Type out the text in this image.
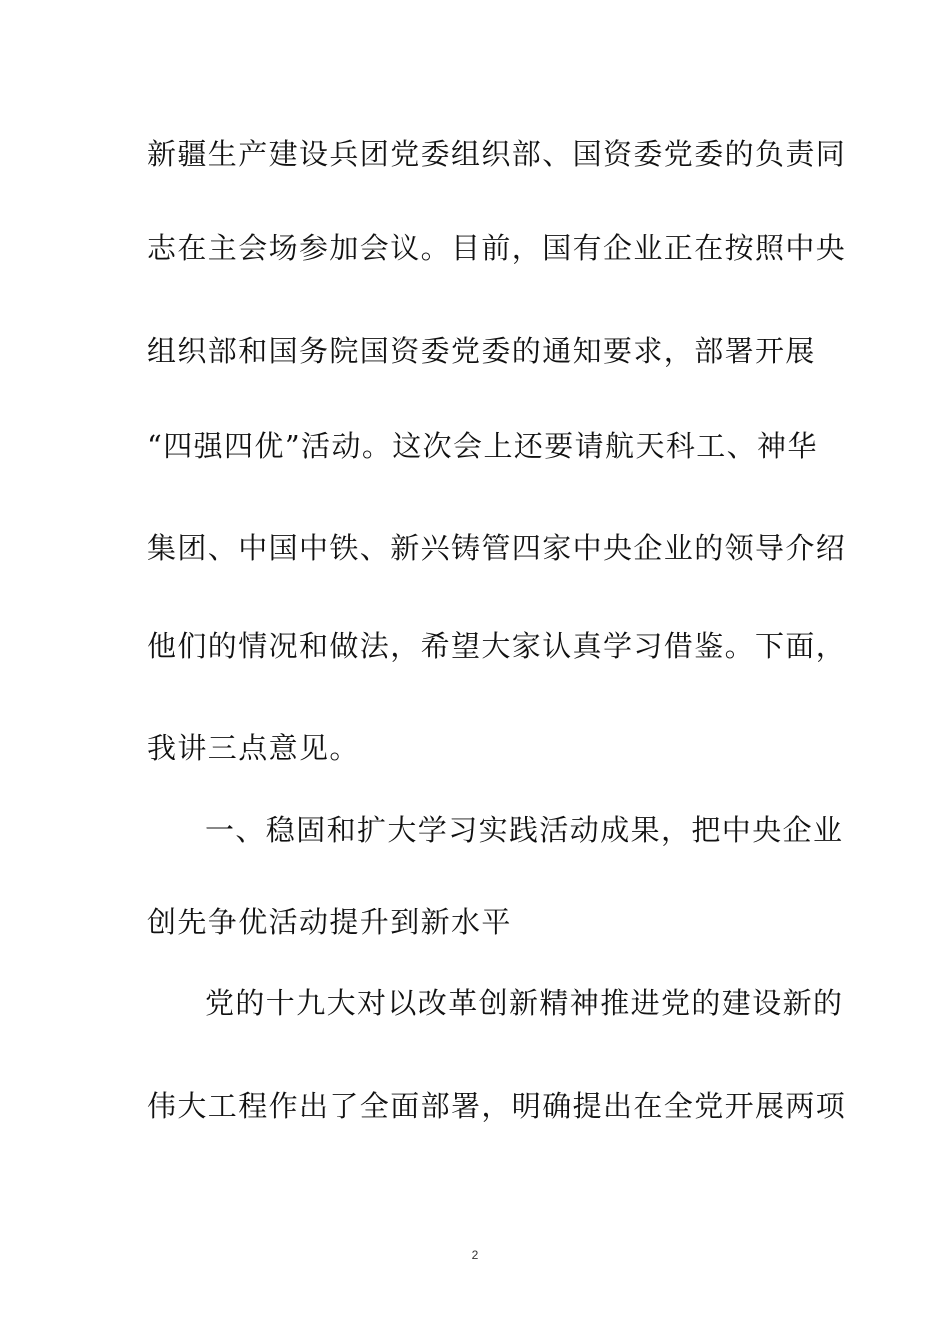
新疆生产建设兵团党委组织部、国资委党委的负责同
志在主会场参加会议。目前，国有企业正在按照中央
组织部和国务院国资委党委的通知要求，部署开展
“四强四优”活动。这次会上还要请航天科工、神华
集团、中国中铁、新兴铸管四家中央企业的领导介绍
他们的情况和做法，希望大家认真学习借鉴。下面，
我讲三点意见。
一、稳固和扩大学习实践活动成果，把中央企业
创先争优活动提升到新水平
党的十九大对以改革创新精神推进党的建设新的
伟大工程作出了全面部署，明确提出在全党开展两项
2
